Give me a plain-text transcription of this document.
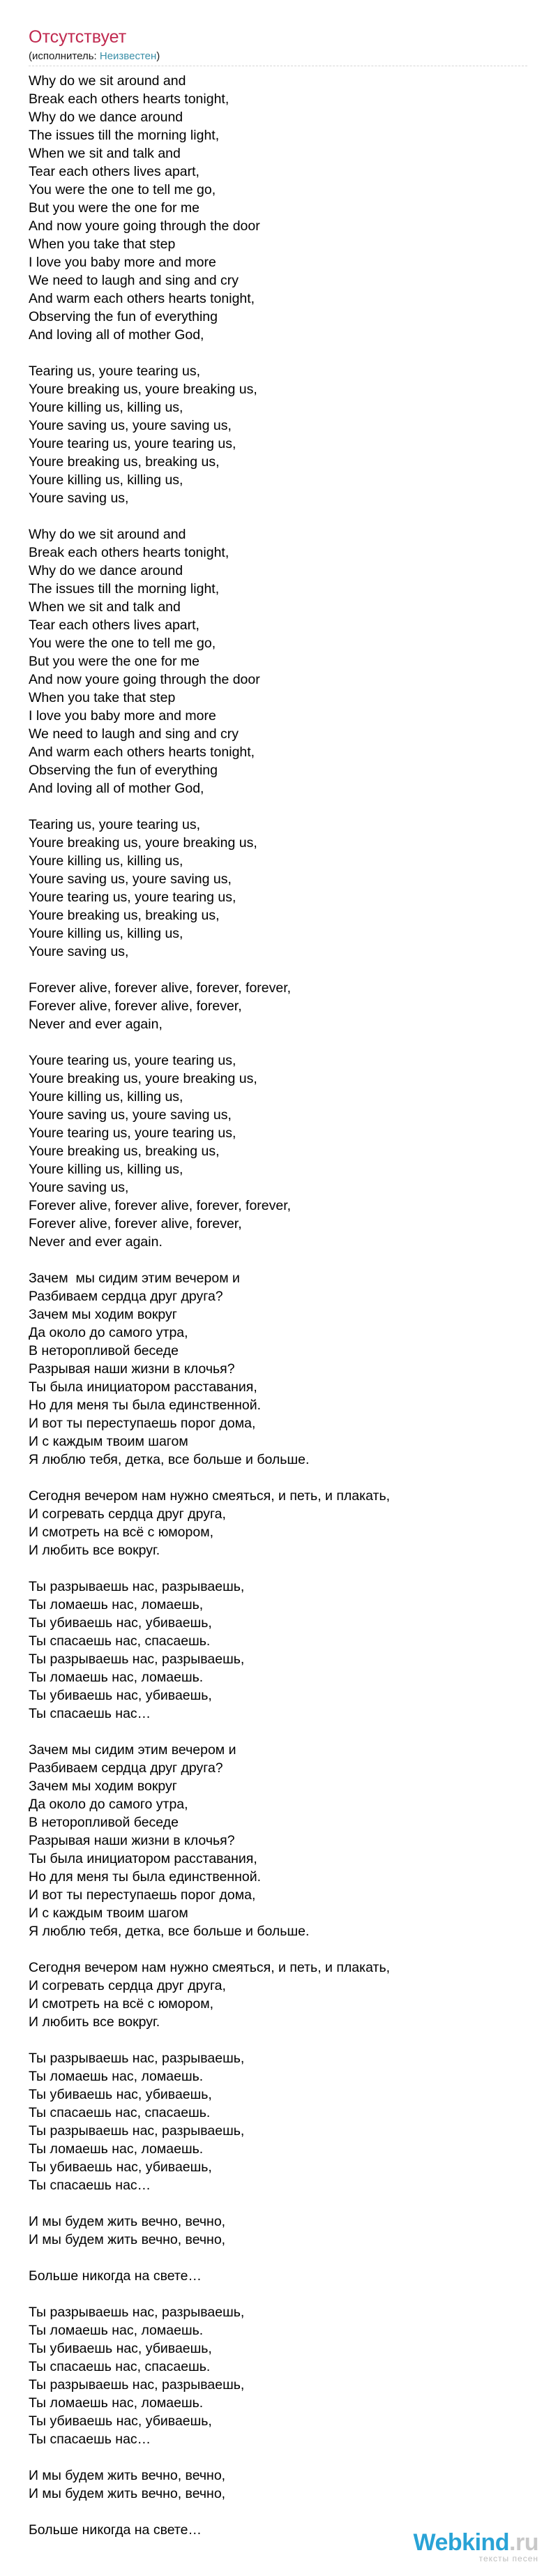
Отсутствует
(исполнитель: Неизвестен)
Why do we sit around and
Break each others hearts tonight,
Why do we dance around
The issues till the morning light,
When we sit and talk and
Tear each others lives apart,
You were the one to tell me go,
But you were the one for me
And now youre going through the door
When you take that step
I love you baby more and more
We need to laugh and sing and cry
And warm each others hearts tonight,
Observing the fun of everything
And loving all of mother God,
Tearing us, youre tearing us,
Youre breaking us, youre breaking us,
Youre killing us, killing us,
Youre saving us, youre saving us,
Youre tearing us, youre tearing us,
Youre breaking us, breaking us,
Youre killing us, killing us,
Youre saving us,
Why do we sit around and
Break each others hearts tonight,
Why do we dance around
The issues till the morning light,
When we sit and talk and
Tear each others lives apart,
You were the one to tell me go,
But you were the one for me
And now youre going through the door
When you take that step
I love you baby more and more
We need to laugh and sing and cry
And warm each others hearts tonight,
Observing the fun of everything
And loving all of mother God,
Tearing us, youre tearing us,
Youre breaking us, youre breaking us,
Youre killing us, killing us,
Youre saving us, youre saving us,
Youre tearing us, youre tearing us,
Youre breaking us, breaking us,
Youre killing us, killing us,
Youre saving us,
Forever alive, forever alive, forever, forever,
Forever alive, forever alive, forever,
Never and ever again,
Youre tearing us, youre tearing us,
Youre breaking us, youre breaking us,
Youre killing us, killing us,
Youre saving us, youre saving us,
Youre tearing us, youre tearing us,
Youre breaking us, breaking us,
Youre killing us, killing us,
Youre saving us,
Forever alive, forever alive, forever, forever,
Forever alive, forever alive, forever,
Never and ever again.
Зачем  мы сидим этим вечером и
Разбиваем сердца друг друга?
Зачем мы ходим вокруг
Да около до самого утра,
В неторопливой беседе
Разрывая наши жизни в клочья?
Ты была инициатором расставания,
Но для меня ты была единственной.
И вот ты переступаешь порог дома,
И с каждым твоим шагом
Я люблю тебя, детка, все больше и больше.
Сегодня вечером нам нужно смеяться, и петь, и плакать,
И согревать сердца друг друга,
И смотреть на всё с юмором,
И любить все вокруг.
Ты разрываешь нас, разрываешь,
Ты ломаешь нас, ломаешь,
Ты убиваешь нас, убиваешь,
Ты спасаешь нас, спасаешь.
Ты разрываешь нас, разрываешь,
Ты ломаешь нас, ломаешь.
Ты убиваешь нас, убиваешь,
Ты спасаешь нас…
Зачем мы сидим этим вечером и
Разбиваем сердца друг друга?
Зачем мы ходим вокруг
Да около до самого утра,
В неторопливой беседе
Разрывая наши жизни в клочья?
Ты была инициатором расставания,
Но для меня ты была единственной.
И вот ты переступаешь порог дома,
И с каждым твоим шагом
Я люблю тебя, детка, все больше и больше.
Сегодня вечером нам нужно смеяться, и петь, и плакать,
И согревать сердца друг друга,
И смотреть на всё с юмором,
И любить все вокруг.
Ты разрываешь нас, разрываешь,
Ты ломаешь нас, ломаешь.
Ты убиваешь нас, убиваешь,
Ты спасаешь нас, спасаешь.
Ты разрываешь нас, разрываешь,
Ты ломаешь нас, ломаешь.
Ты убиваешь нас, убиваешь,
Ты спасаешь нас…
И мы будем жить вечно, вечно,
И мы будем жить вечно, вечно,
Больше никогда на свете…
Ты разрываешь нас, разрываешь,
Ты ломаешь нас, ломаешь.
Ты убиваешь нас, убиваешь,
Ты спасаешь нас, спасаешь.
Ты разрываешь нас, разрываешь,
Ты ломаешь нас, ломаешь.
Ты убиваешь нас, убиваешь,
Ты спасаешь нас…
И мы будем жить вечно, вечно,
И мы будем жить вечно, вечно,
Больше никогда на свете…	Webkind.ru
тексты песен
